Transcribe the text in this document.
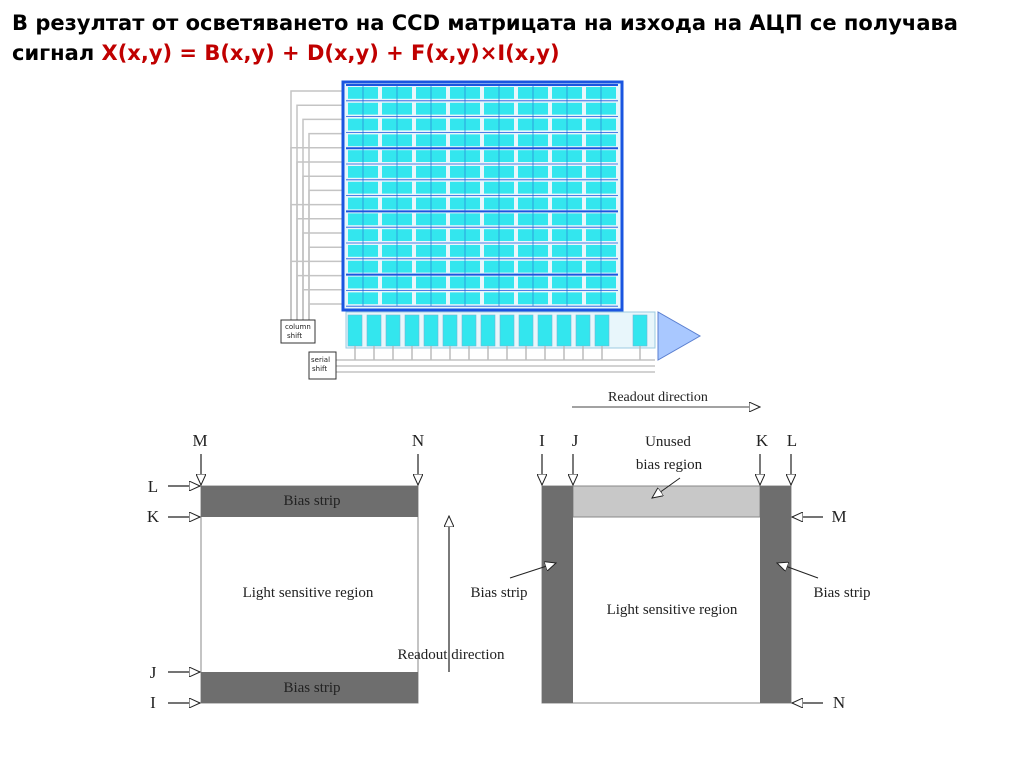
В резултат от осветяването на CCD матрицата на изхода на АЦП се получава сигнал X(x,y) = B(x,y) + D(x,y) + F(x,y)×I(x,y)
column
shift
serial
shift
Readout direction
Bias strip
Bias strip
Light sensitive region
M	N
L
K
J
I
Readout direction
Light sensitive region
Unused
bias region
I J	K L
M
N
Bias strip	Bias strip
